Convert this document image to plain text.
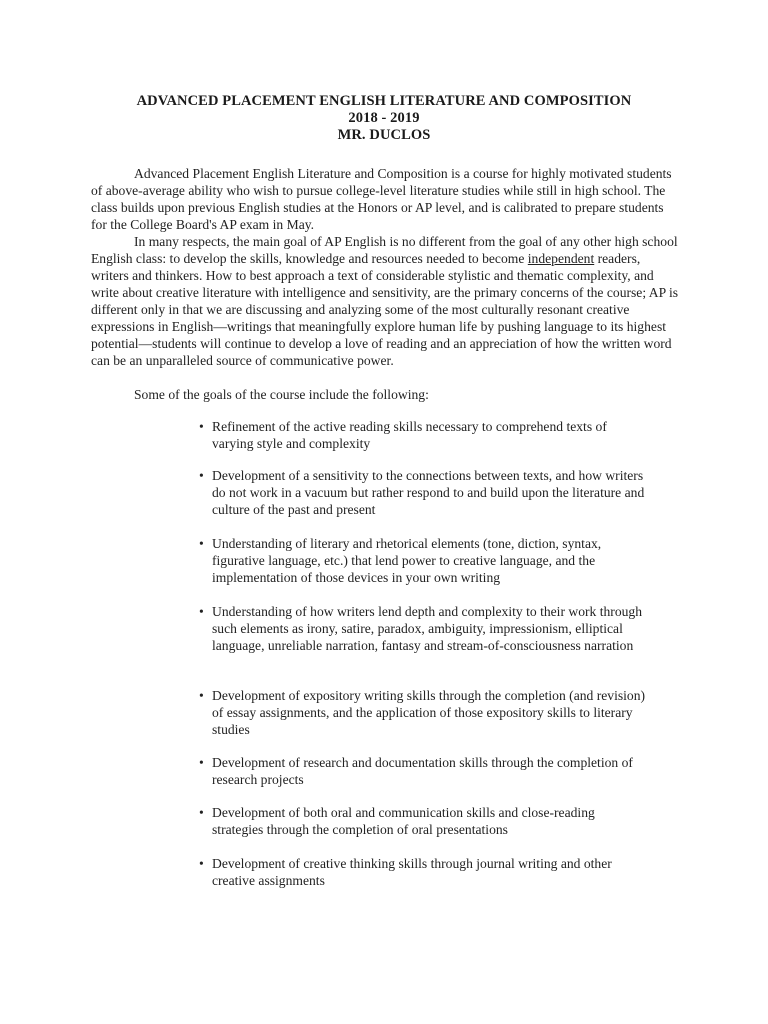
ADVANCED PLACEMENT ENGLISH LITERATURE AND COMPOSITION
2018 - 2019
MR. DUCLOS
Advanced Placement English Literature and Composition is a course for highly motivated students of above-average ability who wish to pursue college-level literature studies while still in high school. The class builds upon previous English studies at the Honors or AP level, and is calibrated to prepare students for the College Board's AP exam in May.
In many respects, the main goal of AP English is no different from the goal of any other high school English class: to develop the skills, knowledge and resources needed to become independent readers, writers and thinkers. How to best approach a text of considerable stylistic and thematic complexity, and write about creative literature with intelligence and sensitivity, are the primary concerns of the course; AP is different only in that we are discussing and analyzing some of the most culturally resonant creative expressions in English—writings that meaningfully explore human life by pushing language to its highest potential—students will continue to develop a love of reading and an appreciation of how the written word can be an unparalleled source of communicative power.
Some of the goals of the course include the following:
• Refinement of the active reading skills necessary to comprehend texts of varying style and complexity
• Development of a sensitivity to the connections between texts, and how writers do not work in a vacuum but rather respond to and build upon the literature and culture of the past and present
• Understanding of literary and rhetorical elements (tone, diction, syntax, figurative language, etc.) that lend power to creative language, and the implementation of those devices in your own writing
• Understanding of how writers lend depth and complexity to their work through such elements as irony, satire, paradox, ambiguity, impressionism, elliptical language, unreliable narration, fantasy and stream-of-consciousness narration
• Development of expository writing skills through the completion (and revision) of essay assignments, and the application of those expository skills to literary studies
• Development of research and documentation skills through the completion of research projects
• Development of both oral and communication skills and close-reading strategies through the completion of oral presentations
• Development of creative thinking skills through journal writing and other creative assignments
